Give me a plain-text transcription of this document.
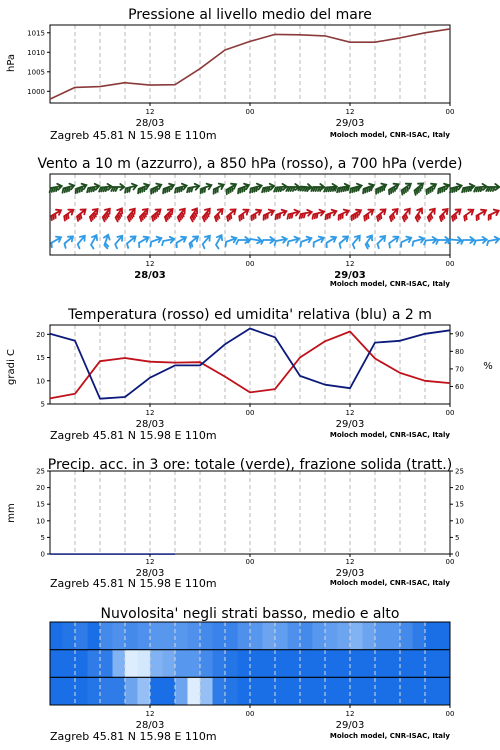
Pressione al livello medio del mare
hPa
1000
1005
1010
1015
12	00	12	00
28/03	29/03
Zagreb 45.81 N 15.98 E 110m	Moloch model, CNR-ISAC, Italy
Vento a 10 m (azzurro), a 850 hPa (rosso), a 700 hPa (verde)
12	00	12	00
28/03	29/03
Moloch model, CNR-ISAC, Italy
Temperatura (rosso) ed umidita' relativa (blu) a 2 m
gradi C	%
5
10
15
20
60
70
80
90
12	00	12	00
28/03	29/03
Zagreb 45.81 N 15.98 E 110m	Moloch model, CNR-ISAC, Italy
Precip. acc. in 3 ore: totale (verde), frazione solida (tratt.)
mm
0
5
10
15
20
25
0
5
10
15
20
25
12	00	12	00
28/03	29/03
Zagreb 45.81 N 15.98 E 110m	Moloch model, CNR-ISAC, Italy
Nuvolosita' negli strati basso, medio e alto
12	00	12	00
28/03	29/03
Zagreb 45.81 N 15.98 E 110m	Moloch model, CNR-ISAC, Italy
